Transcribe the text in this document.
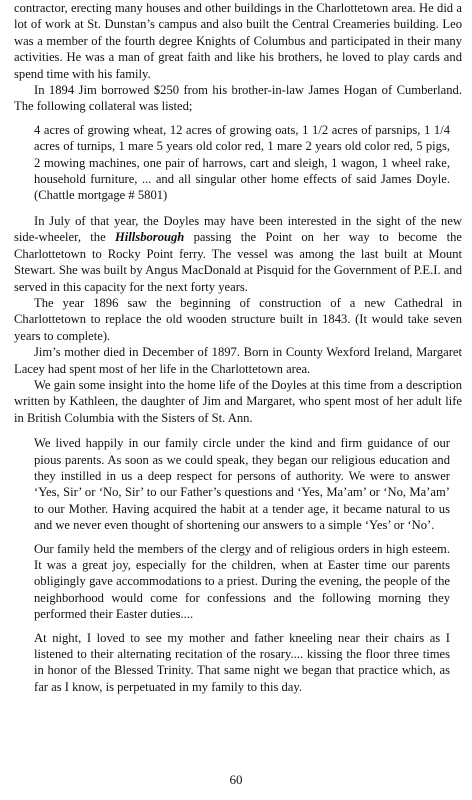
contractor, erecting many houses and other buildings in the Charlottetown area. He did a lot of work at St. Dunstan’s campus and also built the Central Creameries building. Leo was a member of the fourth degree Knights of Columbus and participated in their many activities. He was a man of great faith and like his brothers, he loved to play cards and spend time with his family.

In 1894 Jim borrowed $250 from his brother-in-law James Hogan of Cumberland. The following collateral was listed;

4 acres of growing wheat, 12 acres of growing oats, 1 1/2 acres of parsnips, 1 1/4 acres of turnips, 1 mare 5 years old color red, 1 mare 2 years old color red, 5 pigs, 2 mowing machines, one pair of harrows, cart and sleigh, 1 wagon, 1 wheel rake, household furniture, ... and all singular other home effects of said James Doyle. (Chattle mortgage # 5801)

In July of that year, the Doyles may have been interested in the sight of the new side-wheeler, the Hillsborough passing the Point on her way to become the Charlottetown to Rocky Point ferry. The vessel was among the last built at Mount Stewart. She was built by Angus MacDonald at Pisquid for the Government of P.E.I. and served in this capacity for the next forty years.

The year 1896 saw the beginning of construction of a new Cathedral in Charlottetown to replace the old wooden structure built in 1843. (It would take seven years to complete).

Jim’s mother died in December of 1897. Born in County Wexford Ireland, Margaret Lacey had spent most of her life in the Charlottetown area.

We gain some insight into the home life of the Doyles at this time from a description written by Kathleen, the daughter of Jim and Margaret, who spent most of her adult life in British Columbia with the Sisters of St. Ann.

We lived happily in our family circle under the kind and firm guidance of our pious parents. As soon as we could speak, they began our religious education and they instilled in us a deep respect for persons of authority. We were to answer ‘Yes, Sir’ or ‘No, Sir’ to our Father’s questions and ‘Yes, Ma’am’ or ‘No, Ma’am’ to our Mother. Having acquired the habit at a tender age, it became natural to us and we never even thought of shortening our answers to a simple ‘Yes’ or ‘No’.

Our family held the members of the clergy and of religious orders in high esteem. It was a great joy, especially for the children, when at Easter time our parents obligingly gave accommodations to a priest. During the evening, the people of the neighborhood would come for confessions and the following morning they performed their Easter duties....

At night, I loved to see my mother and father kneeling near their chairs as I listened to their alternating recitation of the rosary.... kissing the floor three times in honor of the Blessed Trinity. That same night we began that practice which, as far as I know, is perpetuated in my family to this day.

60
